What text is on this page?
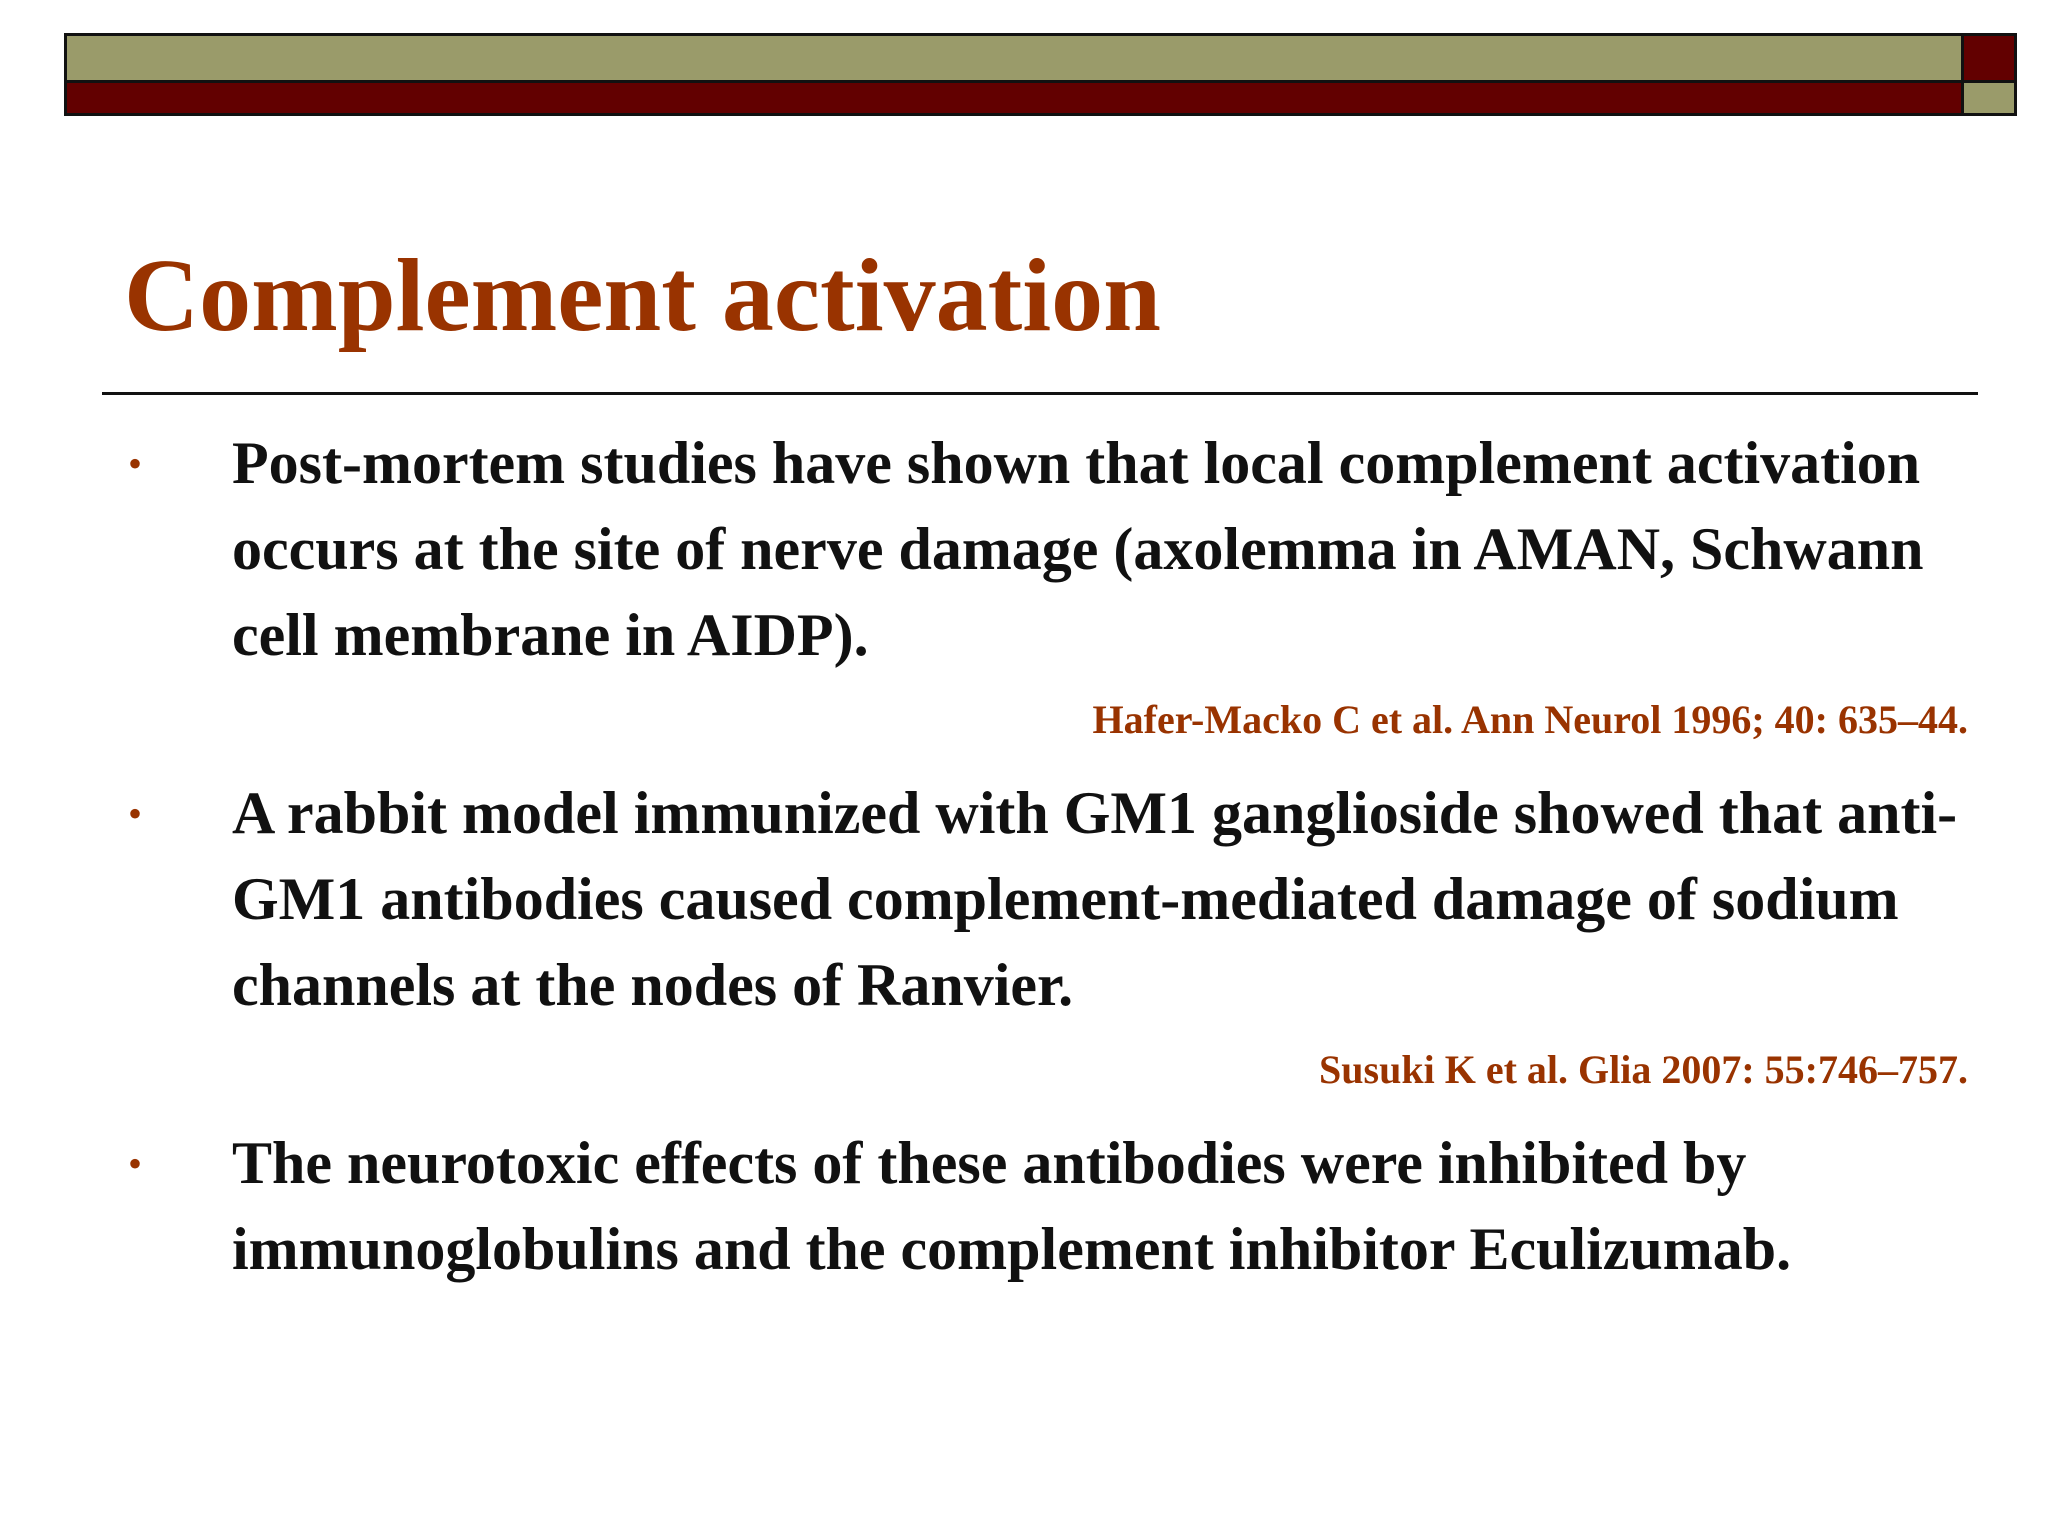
Complement activation
• Post-mortem studies have shown that local complement activation occurs at the site of nerve damage (axolemma in AMAN, Schwann cell membrane in AIDP).

Hafer-Macko C et al. Ann Neurol 1996; 40: 635–44.
• A rabbit model immunized with GM1 ganglioside showed that anti-GM1 antibodies caused complement-mediated damage of sodium channels at the nodes of Ranvier.

Susuki K et al. Glia 2007: 55:746–757.
• The neurotoxic effects of these antibodies were inhibited by immunoglobulins and the complement inhibitor Eculizumab.
